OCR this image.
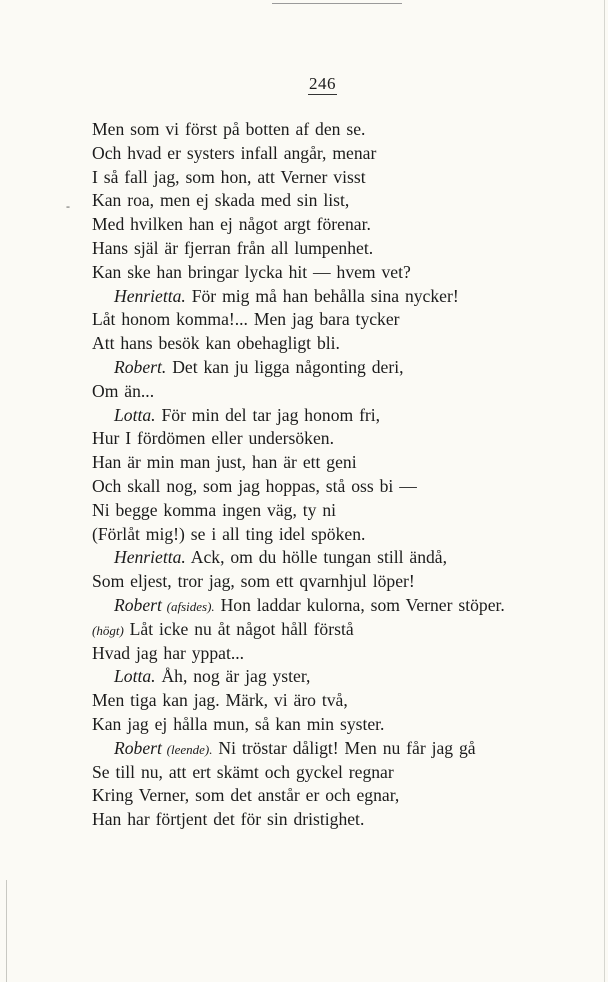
246
-
Men som vi först på botten af den se.
Och hvad er systers infall angår, menar
I så fall jag, som hon, att Verner visst
Kan roa, men ej skada med sin list,
Med hvilken han ej något argt förenar.
Hans själ är fjerran från all lumpenhet.
Kan ske han bringar lycka hit — hvem vet?
Henrietta. För mig må han behålla sina nycker!
Låt honom komma!... Men jag bara tycker
Att hans besök kan obehagligt bli.
Robert. Det kan ju ligga någonting deri,
Om än...
Lotta. För min del tar jag honom fri,
Hur I fördömen eller undersöken.
Han är min man just, han är ett geni
Och skall nog, som jag hoppas, stå oss bi —
Ni begge komma ingen väg, ty ni
(Förlåt mig!) se i all ting idel spöken.
Henrietta. Ack, om du hölle tungan still ändå,
Som eljest, tror jag, som ett qvarnhjul löper!
Robert (afsides). Hon laddar kulorna, som Verner stöper.
(högt) Låt icke nu åt något håll förstå
Hvad jag har yppat...
Lotta. Åh, nog är jag yster,
Men tiga kan jag. Märk, vi äro två,
Kan jag ej hålla mun, så kan min syster.
Robert (leende). Ni tröstar dåligt! Men nu får jag gå
Se till nu, att ert skämt och gyckel regnar
Kring Verner, som det anstår er och egnar,
Han har förtjent det för sin dristighet.
